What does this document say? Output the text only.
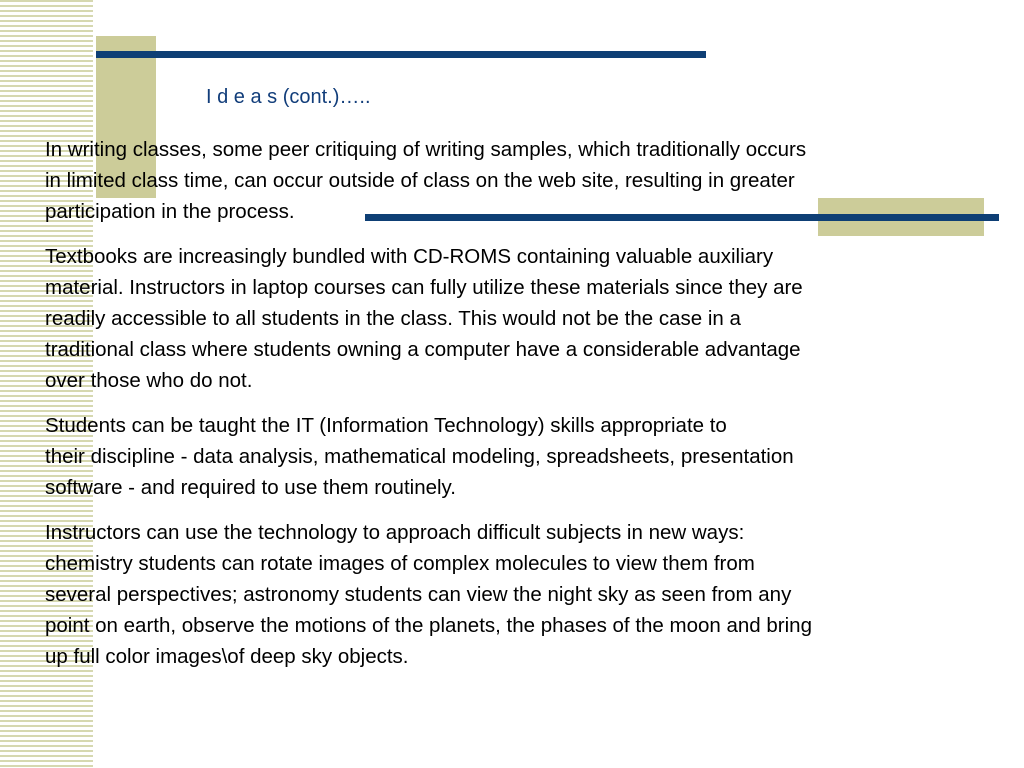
I d e a s (cont.)…..

In writing classes, some peer critiquing of writing samples, which traditionally occurs
in limited class time, can occur outside of class on the web site, resulting in greater
participation in the process.

Textbooks are increasingly bundled with CD-ROMS containing valuable auxiliary
material. Instructors in laptop courses can fully utilize these materials since they are
readily accessible to all students in the class. This would not be the case in a
traditional class where students owning a computer have a considerable advantage
over those who do not.

Students can be taught the IT (Information Technology) skills appropriate to
their discipline - data analysis, mathematical modeling, spreadsheets, presentation
software - and required to use them routinely.

Instructors can use the technology to approach difficult subjects in new ways:
chemistry students can rotate images of complex molecules to view them from
several perspectives; astronomy students can view the night sky as seen from any
point on earth, observe the motions of the planets, the phases of the moon and bring
up full color images\of deep sky objects.
